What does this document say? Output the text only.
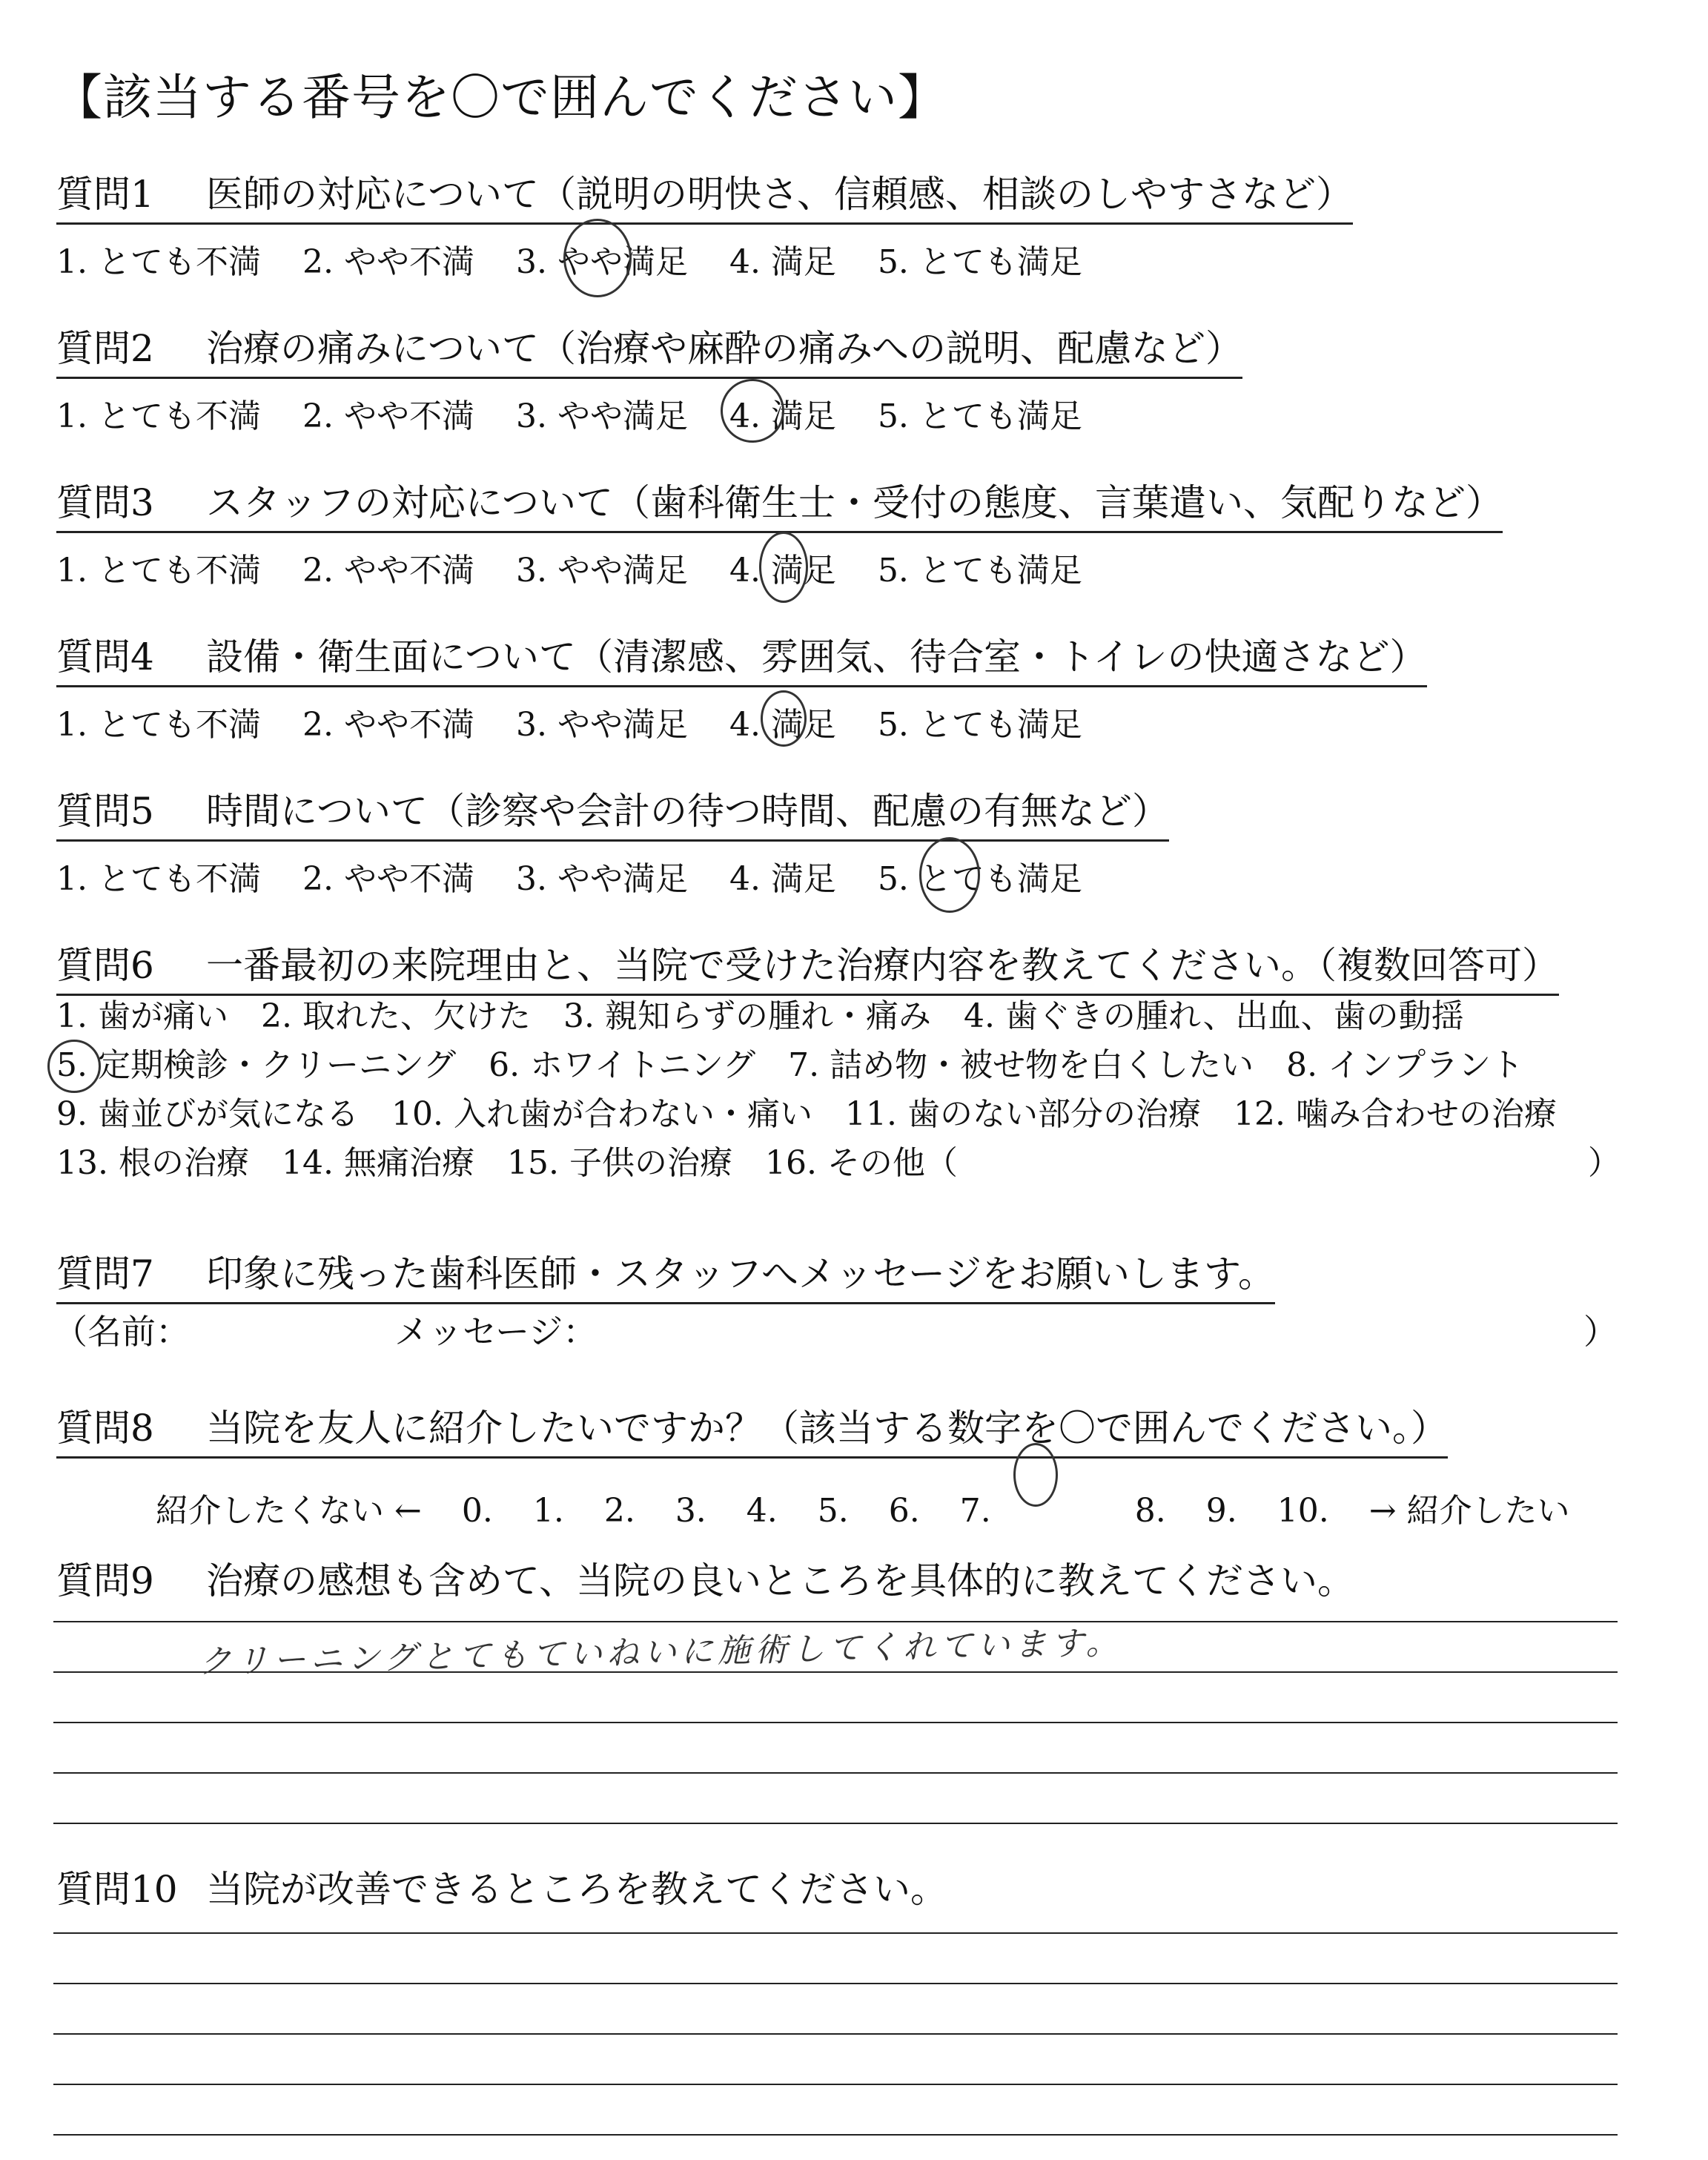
【該当する番号を〇で囲んでください】
質問1 医師の対応について（説明の明快さ、信頼感、相談のしやすさなど）
1. とても不満 2. やや不満 3. やや満足 4. 満足 5. とても満足
質問2 治療の痛みについて（治療や麻酔の痛みへの説明、配慮など）
1. とても不満 2. やや不満 3. やや満足 4. 満足 5. とても満足
質問3 スタッフの対応について（歯科衛生士・受付の態度、言葉遣い、気配りなど）
1. とても不満 2. やや不満 3. やや満足 4. 満足 5. とても満足
質問4 設備・衛生面について（清潔感、雰囲気、待合室・トイレの快適さなど）
1. とても不満 2. やや不満 3. やや満足 4. 満足 5. とても満足
質問5 時間について（診察や会計の待つ時間、配慮の有無など）
1. とても不満 2. やや不満 3. やや満足 4. 満足 5. とても満足
質問6 一番最初の来院理由と、当院で受けた治療内容を教えてください。（複数回答可）
1. 歯が痛い 2. 取れた、欠けた 3. 親知らずの腫れ・痛み 4. 歯ぐきの腫れ、出血、歯の動揺
5. 定期検診・クリーニング 6. ホワイトニング 7. 詰め物・被せ物を白くしたい 8. インプラント
9. 歯並びが気になる 10. 入れ歯が合わない・痛い 11. 歯のない部分の治療 12. 噛み合わせの治療
13. 根の治療 14. 無痛治療 15. 子供の治療 16. その他（	）
質問7 印象に残った歯科医師・スタッフへメッセージをお願いします。
（名前：	メッセージ：	）
質問8 当院を友人に紹介したいですか？（該当する数字を〇で囲んでください。）
紹介したくない ← 0. 1. 2. 3. 4. 5. 6. 7.	8. 9. 10. → 紹介したい
質問9 治療の感想も含めて、当院の良いところを具体的に教えてください。
クリーニングとてもていねいに施術してくれています。
質問10 当院が改善できるところを教えてください。
